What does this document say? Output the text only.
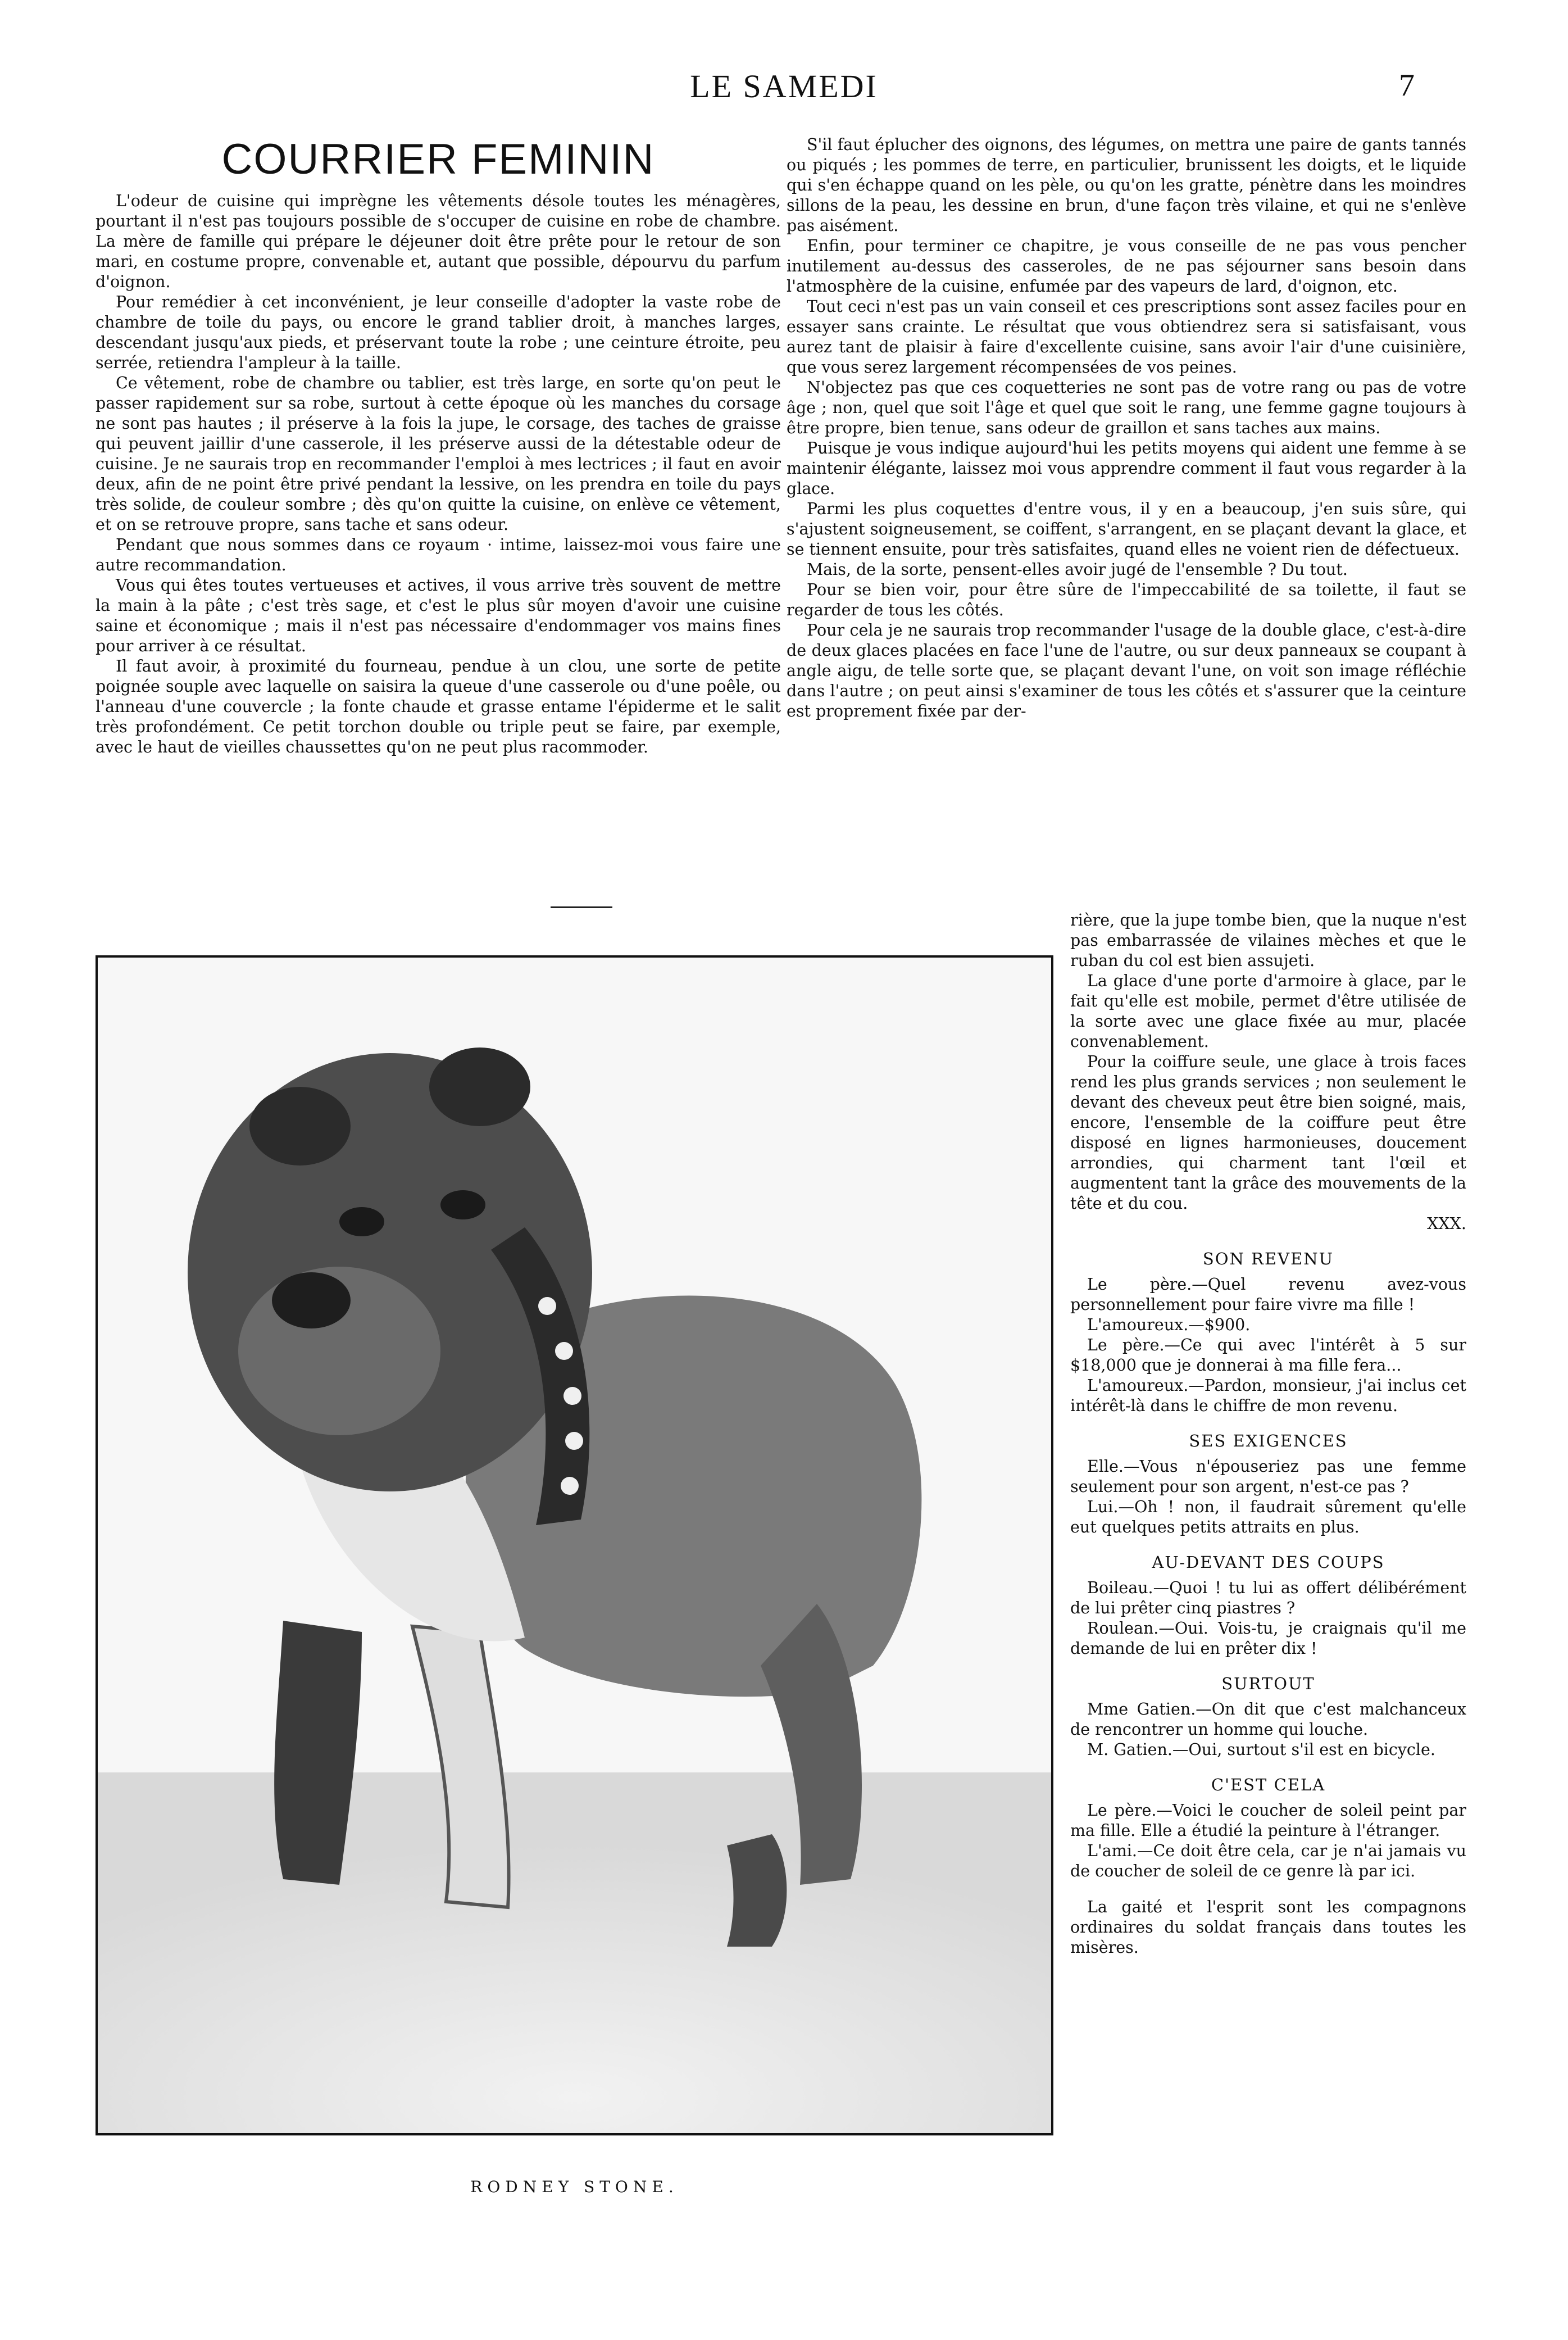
LE SAMEDI	7
COURRIER FEMININ

L'odeur de cuisine qui imprègne les vêtements désole toutes les ménagères, pourtant il n'est pas toujours possible de s'occuper de cuisine en robe de chambre. La mère de famille qui prépare le déjeuner doit être prête pour le retour de son mari, en costume propre, convenable et, autant que possible, dépourvu du parfum d'oignon.

Pour remédier à cet inconvénient, je leur conseille d'adopter la vaste robe de chambre de toile du pays, ou encore le grand tablier droit, à manches larges, descendant jusqu'aux pieds, et préservant toute la robe ; une ceinture étroite, peu serrée, retiendra l'ampleur à la taille.

Ce vêtement, robe de chambre ou tablier, est très large, en sorte qu'on peut le passer rapidement sur sa robe, surtout à cette époque où les manches du corsage ne sont pas hautes ; il préserve à la fois la jupe, le corsage, des taches de graisse qui peuvent jaillir d'une casserole, il les préserve aussi de la détestable odeur de cuisine. Je ne saurais trop en recommander l'emploi à mes lectrices ; il faut en avoir deux, afin de ne point être privé pendant la lessive, on les prendra en toile du pays très solide, de couleur sombre ; dès qu'on quitte la cuisine, on enlève ce vêtement, et on se retrouve propre, sans tache et sans odeur.

Pendant que nous sommes dans ce royaum · intime, laissez-moi vous faire une autre recommandation.

Vous qui êtes toutes vertueuses et actives, il vous arrive très souvent de mettre la main à la pâte ; c'est très sage, et c'est le plus sûr moyen d'avoir une cuisine saine et économique ; mais il n'est pas nécessaire d'endommager vos mains fines pour arriver à ce résultat.

Il faut avoir, à proximité du fourneau, pendue à un clou, une sorte de petite poignée souple avec laquelle on saisira la queue d'une casserole ou d'une poêle, ou l'anneau d'une couvercle ; la fonte chaude et grasse entame l'épiderme et le salit très profondément. Ce petit torchon double ou triple peut se faire, par exemple, avec le haut de vieilles chaussettes qu'on ne peut plus racommoder.

S'il faut éplucher des oignons, des légumes, on mettra une paire de gants tannés ou piqués ; les pommes de terre, en particulier, brunissent les doigts, et le liquide qui s'en échappe quand on les pèle, ou qu'on les gratte, pénètre dans les moindres sillons de la peau, les dessine en brun, d'une façon très vilaine, et qui ne s'enlève pas aisément.

Enfin, pour terminer ce chapitre, je vous conseille de ne pas vous pencher inutilement au-dessus des casseroles, de ne pas séjourner sans besoin dans l'atmosphère de la cuisine, enfumée par des vapeurs de lard, d'oignon, etc.

Tout ceci n'est pas un vain conseil et ces prescriptions sont assez faciles pour en essayer sans crainte. Le résultat que vous obtiendrez sera si satisfaisant, vous aurez tant de plaisir à faire d'excellente cuisine, sans avoir l'air d'une cuisinière, que vous serez largement récompensées de vos peines.

N'objectez pas que ces coquetteries ne sont pas de votre rang ou pas de votre âge ; non, quel que soit l'âge et quel que soit le rang, une femme gagne toujours à être propre, bien tenue, sans odeur de graillon et sans taches aux mains.

Puisque je vous indique aujourd'hui les petits moyens qui aident une femme à se maintenir élégante, laissez moi vous apprendre comment il faut vous regarder à la glace.

Parmi les plus coquettes d'entre vous, il y en a beaucoup, j'en suis sûre, qui s'ajustent soigneusement, se coiffent, s'arrangent, en se plaçant devant la glace, et se tiennent ensuite, pour très satisfaites, quand elles ne voient rien de défectueux.

Mais, de la sorte, pensent-elles avoir jugé de l'ensemble ? Du tout.

Pour se bien voir, pour être sûre de l'impeccabilité de sa toilette, il faut se regarder de tous les côtés.

Pour cela je ne saurais trop recommander l'usage de la double glace, c'est-à-dire de deux glaces placées en face l'une de l'autre, ou sur deux panneaux se coupant à angle aigu, de telle sorte que, se plaçant devant l'une, on voit son image réfléchie dans l'autre ; on peut ainsi s'examiner de tous les côtés et s'assurer que la ceinture est proprement fixée par der-

RODNEY STONE.

rière, que la jupe tombe bien, que la nuque n'est pas embarrassée de vilaines mèches et que le ruban du col est bien assujeti.

La glace d'une porte d'armoire à glace, par le fait qu'elle est mobile, permet d'être utilisée de la sorte avec une glace fixée au mur, placée convenablement.

Pour la coiffure seule, une glace à trois faces rend les plus grands services ; non seulement le devant des cheveux peut être bien soigné, mais, encore, l'ensemble de la coiffure peut être disposé en lignes harmonieuses, doucement arrondies, qui charment tant l'œil et augmentent tant la grâce des mouvements de la tête et du cou.

XXX.

SON REVENU

Le père.—Quel revenu avez-vous personnellement pour faire vivre ma fille !

L'amoureux.—$900.

Le père.—Ce qui avec l'intérêt à 5 sur $18,000 que je donnerai à ma fille fera...

L'amoureux.—Pardon, monsieur, j'ai inclus cet intérêt-là dans le chiffre de mon revenu.

SES EXIGENCES

Elle.—Vous n'épouseriez pas une femme seulement pour son argent, n'est-ce pas ?

Lui.—Oh ! non, il faudrait sûrement qu'elle eut quelques petits attraits en plus.

AU-DEVANT DES COUPS

Boileau.—Quoi ! tu lui as offert délibérément de lui prêter cinq piastres ?

Roulean.—Oui. Vois-tu, je craignais qu'il me demande de lui en prêter dix !

SURTOUT

Mme Gatien.—On dit que c'est malchanceux de rencontrer un homme qui louche.

M. Gatien.—Oui, surtout s'il est en bicycle.

C'EST CELA

Le père.—Voici le coucher de soleil peint par ma fille. Elle a étudié la peinture à l'étranger.

L'ami.—Ce doit être cela, car je n'ai jamais vu de coucher de soleil de ce genre là par ici.

La gaité et l'esprit sont les compagnons ordinaires du soldat français dans toutes les misères.
